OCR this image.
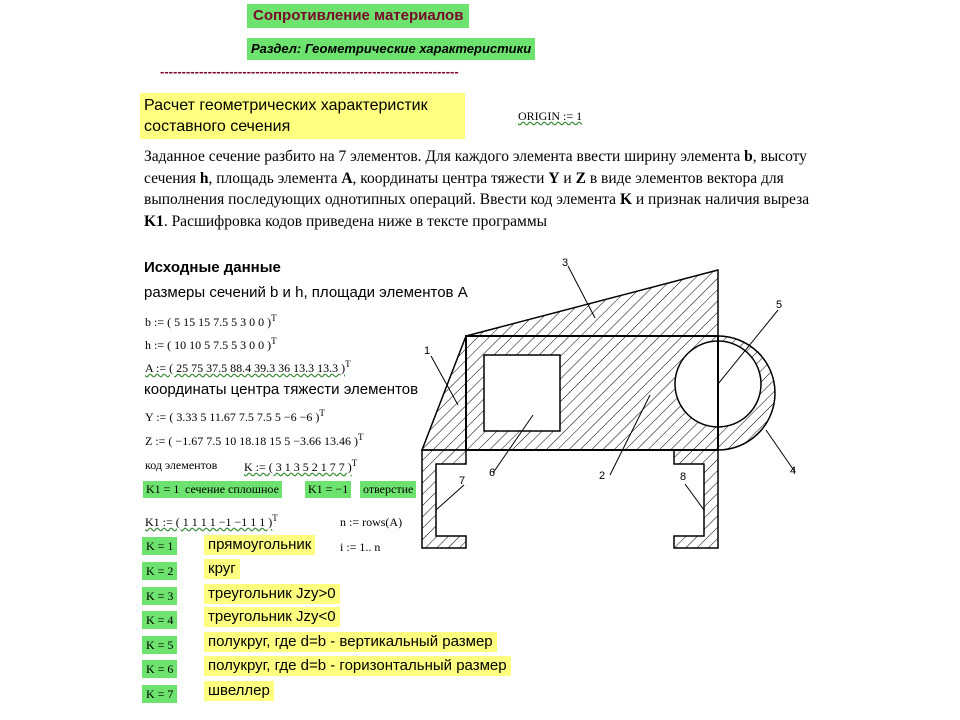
Сопротивление материалов
Раздел: Геометрические характеристики
---------------------------------------------------------------------
Расчет геометрических характеристик
составного сечения
ORIGIN := 1
Заданное сечение разбито на 7 элементов. Для каждого элемента ввести ширину элемента b, высоту сечения h, площадь элемента A, координаты центра тяжести Y и Z в виде элементов вектора для выполнения последующих однотипных операций. Ввести код элемента K и признак наличия выреза K1. Расшифровка кодов приведена ниже в тексте программы
Исходные данные
размеры сечений b и h, площади элементов A
b := ( 5 15 15 7.5 5 3 0 0 )$^T$
h := ( 10 10 5 7.5 5 3 0 0 )$^T$
A := ( 25 75 37.5 88.4 39.3 36 13.3 13.3 )$^T$
координаты центра тяжести элементов
Y := ( 3.33 5 11.67 7.5 7.5 5 −6 −6 )$^T$
Z := ( −1.67 7.5 10 18.18 15 5 −3.66 13.46 )$^T$
код элементов K := ( 3 1 3 5 2 1 7 7 )$^T$
K1 = 1 сечение сплошное K1 = −1 отверстие
K1 := ( 1 1 1 1 −1 −1 1 1 )$^T$	n := rows(A)
i := 1.. n
K = 1 прямоугольник
K = 2 круг
K = 3 треугольник Jzy>0
K = 4 треугольник Jzy<0
K = 5 полукруг, где d=b - вертикальный размер
K = 6 полукруг, где d=b - горизонтальный размер
K = 7 швеллер
1
2
3
4
5
6
7	8
